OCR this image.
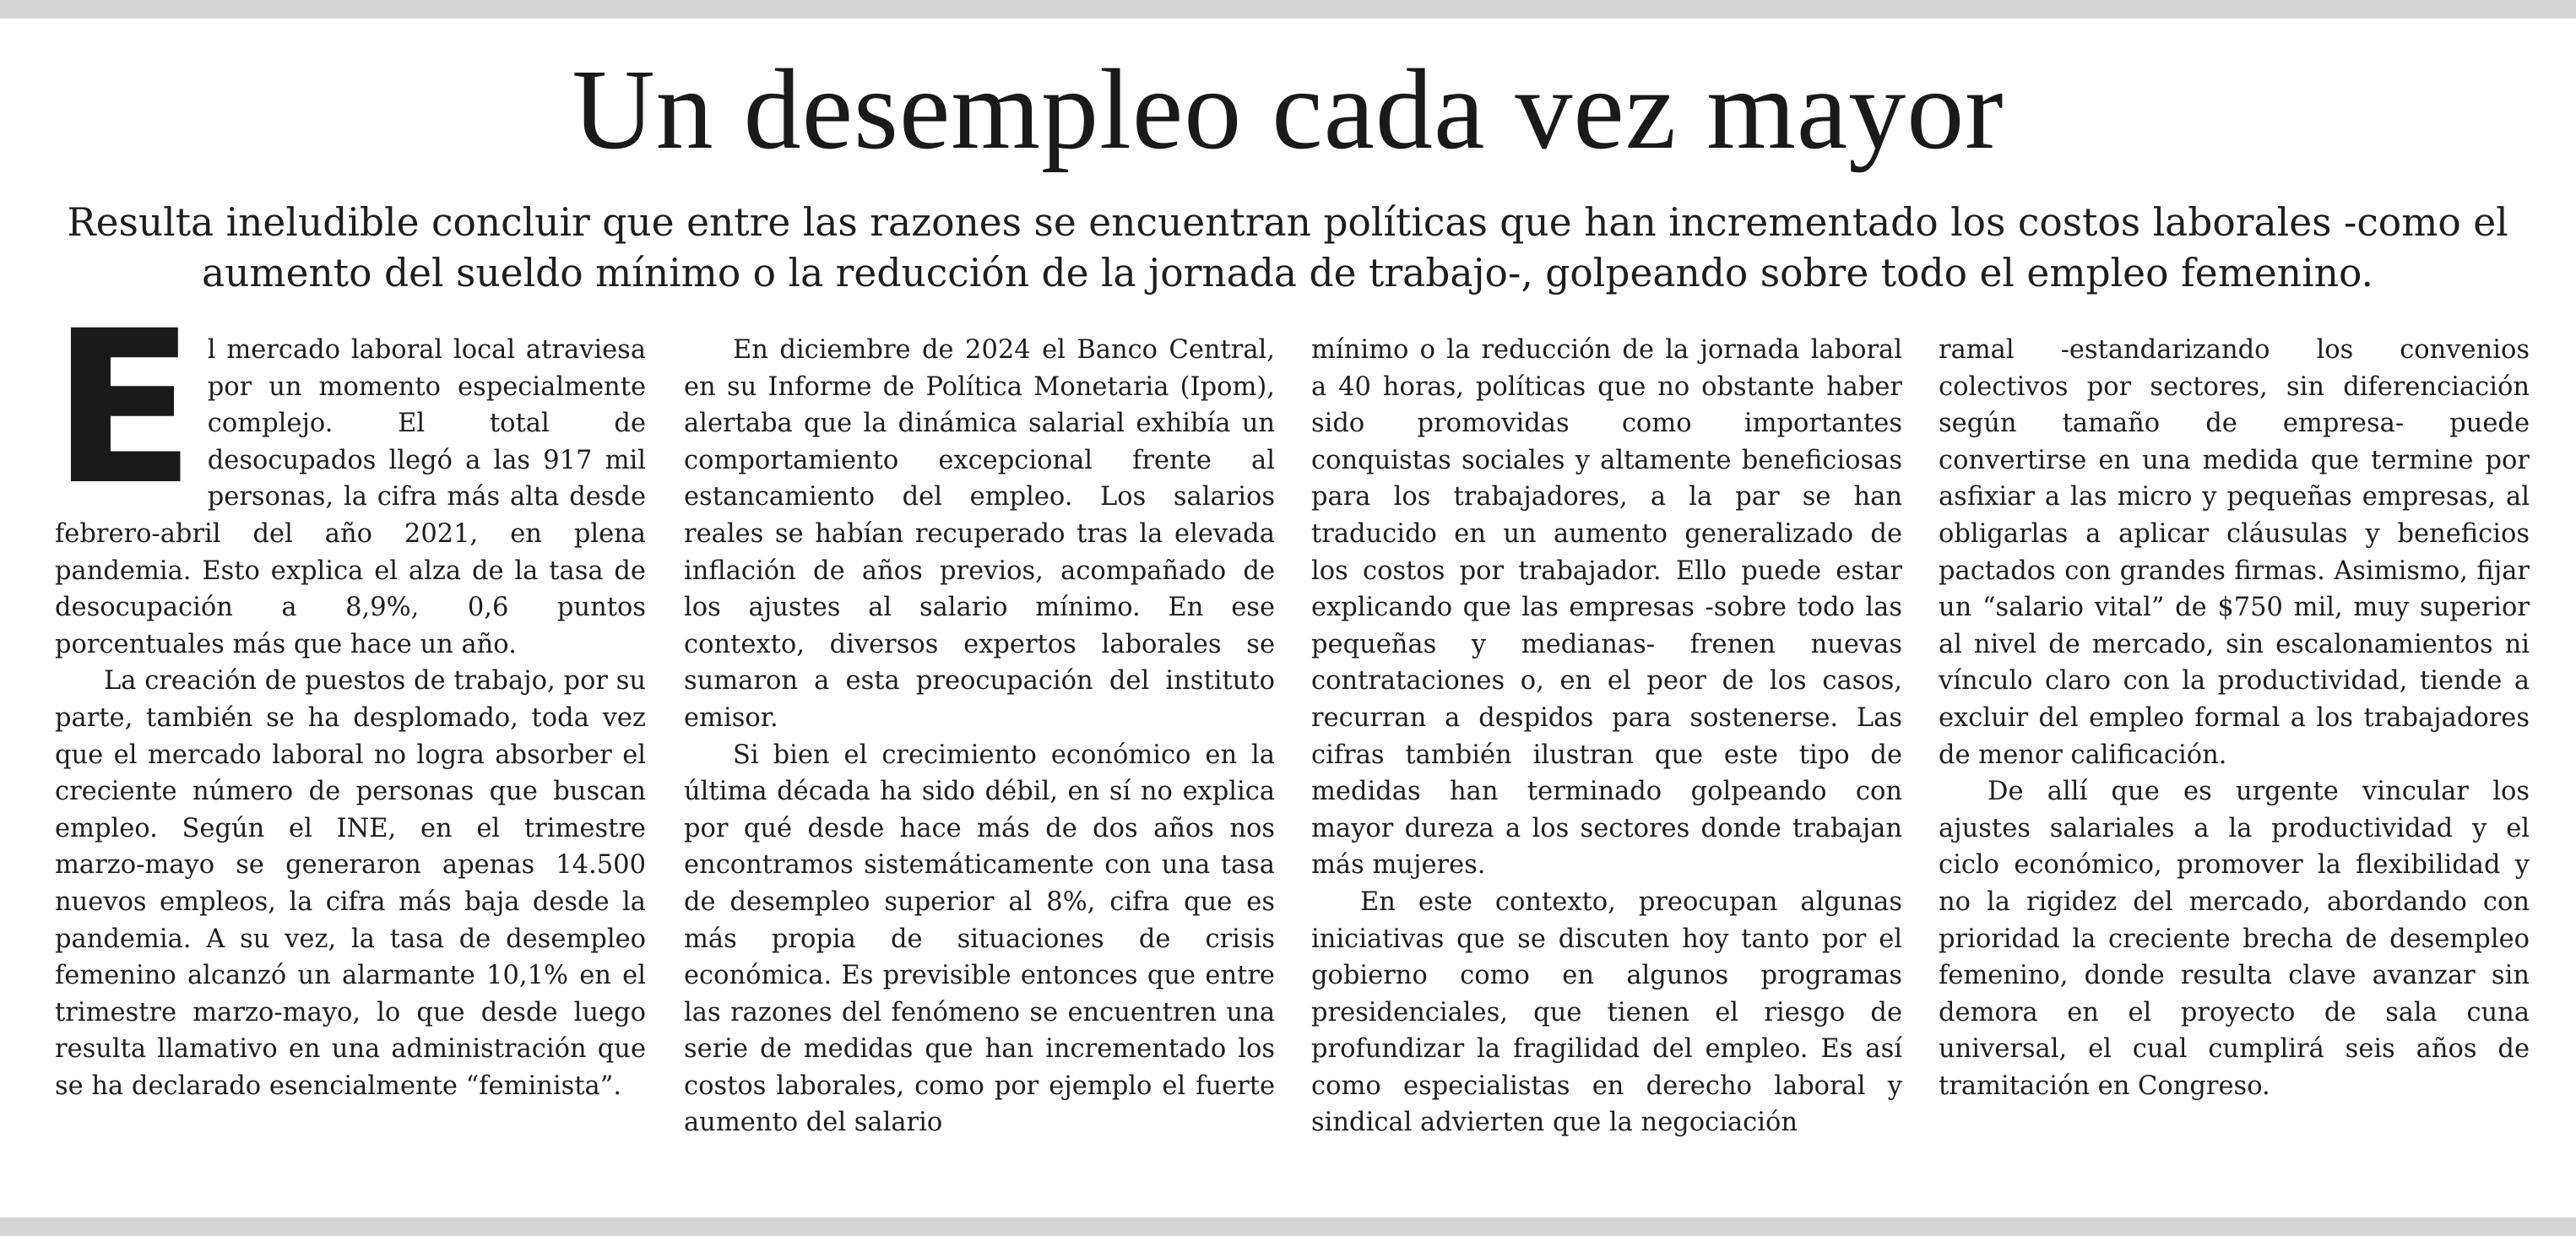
Un desempleo cada vez mayor

Resulta ineludible concluir que entre las razones se encuentran políticas que han incrementado los costos laborales -como el aumento del sueldo mínimo o la reducción de la jornada de trabajo-, golpeando sobre todo el empleo femenino.

El mercado laboral local atraviesa por un momento especialmente complejo. El total de desocupados llegó a las 917 mil personas, la cifra más alta desde febrero-abril del año 2021, en plena pandemia. Esto explica el alza de la tasa de desocupación a 8,9%, 0,6 puntos porcentuales más que hace un año.

La creación de puestos de trabajo, por su parte, también se ha desplomado, toda vez que el mercado laboral no logra absorber el creciente número de personas que buscan empleo. Según el INE, en el trimestre marzo-mayo se generaron apenas 14.500 nuevos empleos, la cifra más baja desde la pandemia. A su vez, la tasa de desempleo femenino alcanzó un alarmante 10,1% en el trimestre marzo-mayo, lo que desde luego resulta llamativo en una administración que se ha declarado esencialmente “feminista”.

En diciembre de 2024 el Banco Central, en su Informe de Política Monetaria (Ipom), alertaba que la dinámica salarial exhibía un comportamiento excepcional frente al estancamiento del empleo. Los salarios reales se habían recuperado tras la elevada inflación de años previos, acompañado de los ajustes al salario mínimo. En ese contexto, diversos expertos laborales se sumaron a esta preocupación del instituto emisor.

Si bien el crecimiento económico en la última década ha sido débil, en sí no explica por qué desde hace más de dos años nos encontramos sistemáticamente con una tasa de desempleo superior al 8%, cifra que es más propia de situaciones de crisis económica. Es previsible entonces que entre las razones del fenómeno se encuentren una serie de medidas que han incrementado los costos laborales, como por ejemplo el fuerte aumento del salario

mínimo o la reducción de la jornada laboral a 40 horas, políticas que no obstante haber sido promovidas como importantes conquistas sociales y altamente beneficiosas para los trabajadores, a la par se han traducido en un aumento generalizado de los costos por trabajador. Ello puede estar explicando que las empresas -sobre todo las pequeñas y medianas- frenen nuevas contrataciones o, en el peor de los casos, recurran a despidos para sostenerse. Las cifras también ilustran que este tipo de medidas han terminado golpeando con mayor dureza a los sectores donde trabajan más mujeres.

En este contexto, preocupan algunas iniciativas que se discuten hoy tanto por el gobierno como en algunos programas presidenciales, que tienen el riesgo de profundizar la fragilidad del empleo. Es así como especialistas en derecho laboral y sindical advierten que la negociación

ramal -estandarizando los convenios colectivos por sectores, sin diferenciación según tamaño de empresa- puede convertirse en una medida que termine por asfixiar a las micro y pequeñas empresas, al obligarlas a aplicar cláusulas y beneficios pactados con grandes firmas. Asimismo, fijar un “salario vital” de $750 mil, muy superior al nivel de mercado, sin escalonamientos ni vínculo claro con la productividad, tiende a excluir del empleo formal a los trabajadores de menor calificación.

De allí que es urgente vincular los ajustes salariales a la productividad y el ciclo económico, promover la flexibilidad y no la rigidez del mercado, abordando con prioridad la creciente brecha de desempleo femenino, donde resulta clave avanzar sin demora en el proyecto de sala cuna universal, el cual cumplirá seis años de tramitación en Congreso.
